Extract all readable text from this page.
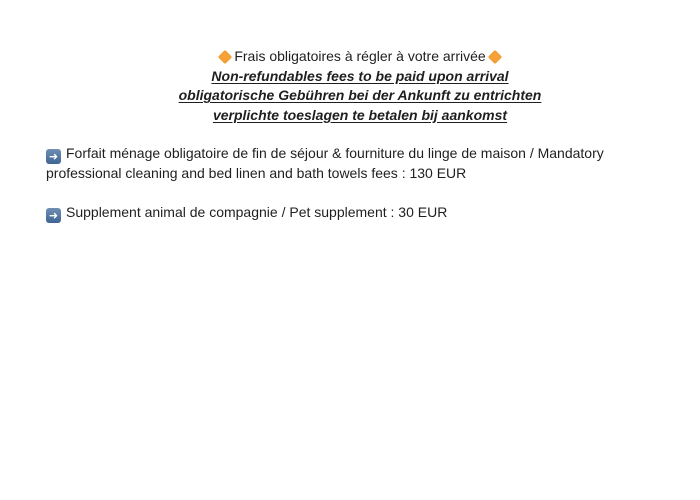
Frais obligatoires à régler à votre arrivée
Non-refundables fees to be paid upon arrival
obligatorische Gebühren bei der Ankunft zu entrichten
verplichte toeslagen te betalen bij aankomst

➜ Forfait ménage obligatoire de fin de séjour & fourniture du linge de maison / Mandatory professional cleaning and bed linen and bath towels fees : 130 EUR

➜ Supplement animal de compagnie / Pet supplement : 30 EUR
